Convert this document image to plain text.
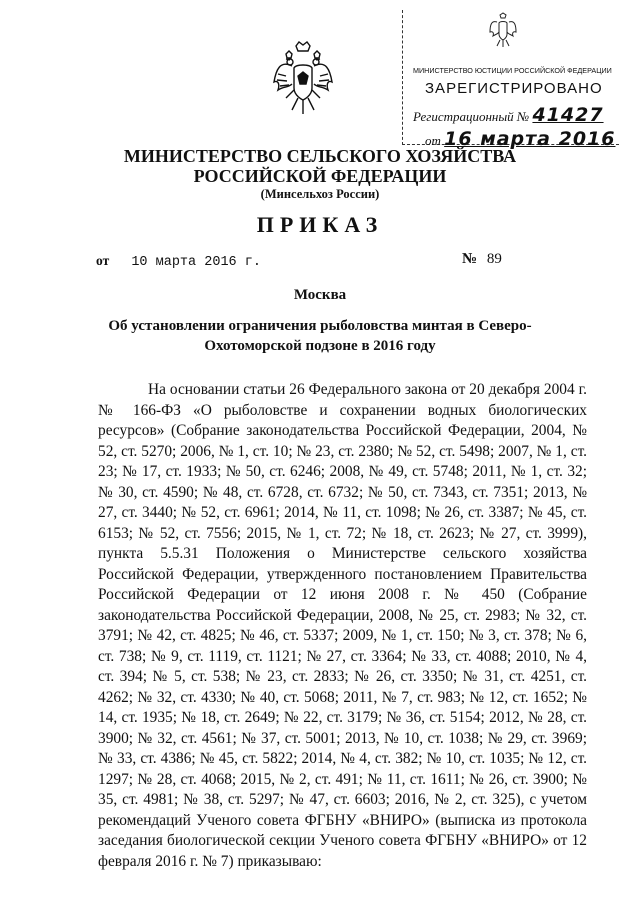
МИНИСТЕРСТВО ЮСТИЦИИ РОССИЙСКОЙ ФЕДЕРАЦИИ
ЗАРЕГИСТРИРОВАНО
Регистрационный № 41427
от 16 марта 2016
МИНИСТЕРСТВО СЕЛЬСКОГО ХОЗЯЙСТВА
РОССИЙСКОЙ ФЕДЕРАЦИИ
(Минсельхоз России)
ПРИКАЗ
от 10 марта 2016 г.	№ 89
Москва
Об установлении ограничения рыболовства минтая в Северо-
Охотоморской подзоне в 2016 году

На основании статьи 26 Федерального закона от 20 декабря 2004 г. № 166-ФЗ «О рыболовстве и сохранении водных биологических ресурсов» (Собрание законодательства Российской Федерации, 2004, № 52, ст. 5270; 2006, № 1, ст. 10; № 23, ст. 2380; № 52, ст. 5498; 2007, № 1, ст. 23; № 17, ст. 1933; № 50, ст. 6246; 2008, № 49, ст. 5748; 2011, № 1, ст. 32; № 30, ст. 4590; № 48, ст. 6728, ст. 6732; № 50, ст. 7343, ст. 7351; 2013, № 27, ст. 3440; № 52, ст. 6961; 2014, № 11, ст. 1098; № 26, ст. 3387; № 45, ст. 6153; № 52, ст. 7556; 2015, № 1, ст. 72; № 18, ст. 2623; № 27, ст. 3999), пункта 5.5.31 Положения о Министерстве сельского хозяйства Российской Федерации, утвержденного постановлением Правительства Российской Федерации от 12 июня 2008 г. № 450 (Собрание законодательства Российской Федерации, 2008, № 25, ст. 2983; № 32, ст. 3791; № 42, ст. 4825; № 46, ст. 5337; 2009, № 1, ст. 150; № 3, ст. 378; № 6, ст. 738; № 9, ст. 1119, ст. 1121; № 27, ст. 3364; № 33, ст. 4088; 2010, № 4, ст. 394; № 5, ст. 538; № 23, ст. 2833; № 26, ст. 3350; № 31, ст. 4251, ст. 4262; № 32, ст. 4330; № 40, ст. 5068; 2011, № 7, ст. 983; № 12, ст. 1652; № 14, ст. 1935; № 18, ст. 2649; № 22, ст. 3179; № 36, ст. 5154; 2012, № 28, ст. 3900; № 32, ст. 4561; № 37, ст. 5001; 2013, № 10, ст. 1038; № 29, ст. 3969; № 33, ст. 4386; № 45, ст. 5822; 2014, № 4, ст. 382; № 10, ст. 1035; № 12, ст. 1297; № 28, ст. 4068; 2015, № 2, ст. 491; № 11, ст. 1611; № 26, ст. 3900; № 35, ст. 4981; № 38, ст. 5297; № 47, ст. 6603; 2016, № 2, ст. 325), с учетом рекомендаций Ученого совета ФГБНУ «ВНИРО» (выписка из протокола заседания биологической секции Ученого совета ФГБНУ «ВНИРО» от 12 февраля 2016 г. № 7) приказываю:
